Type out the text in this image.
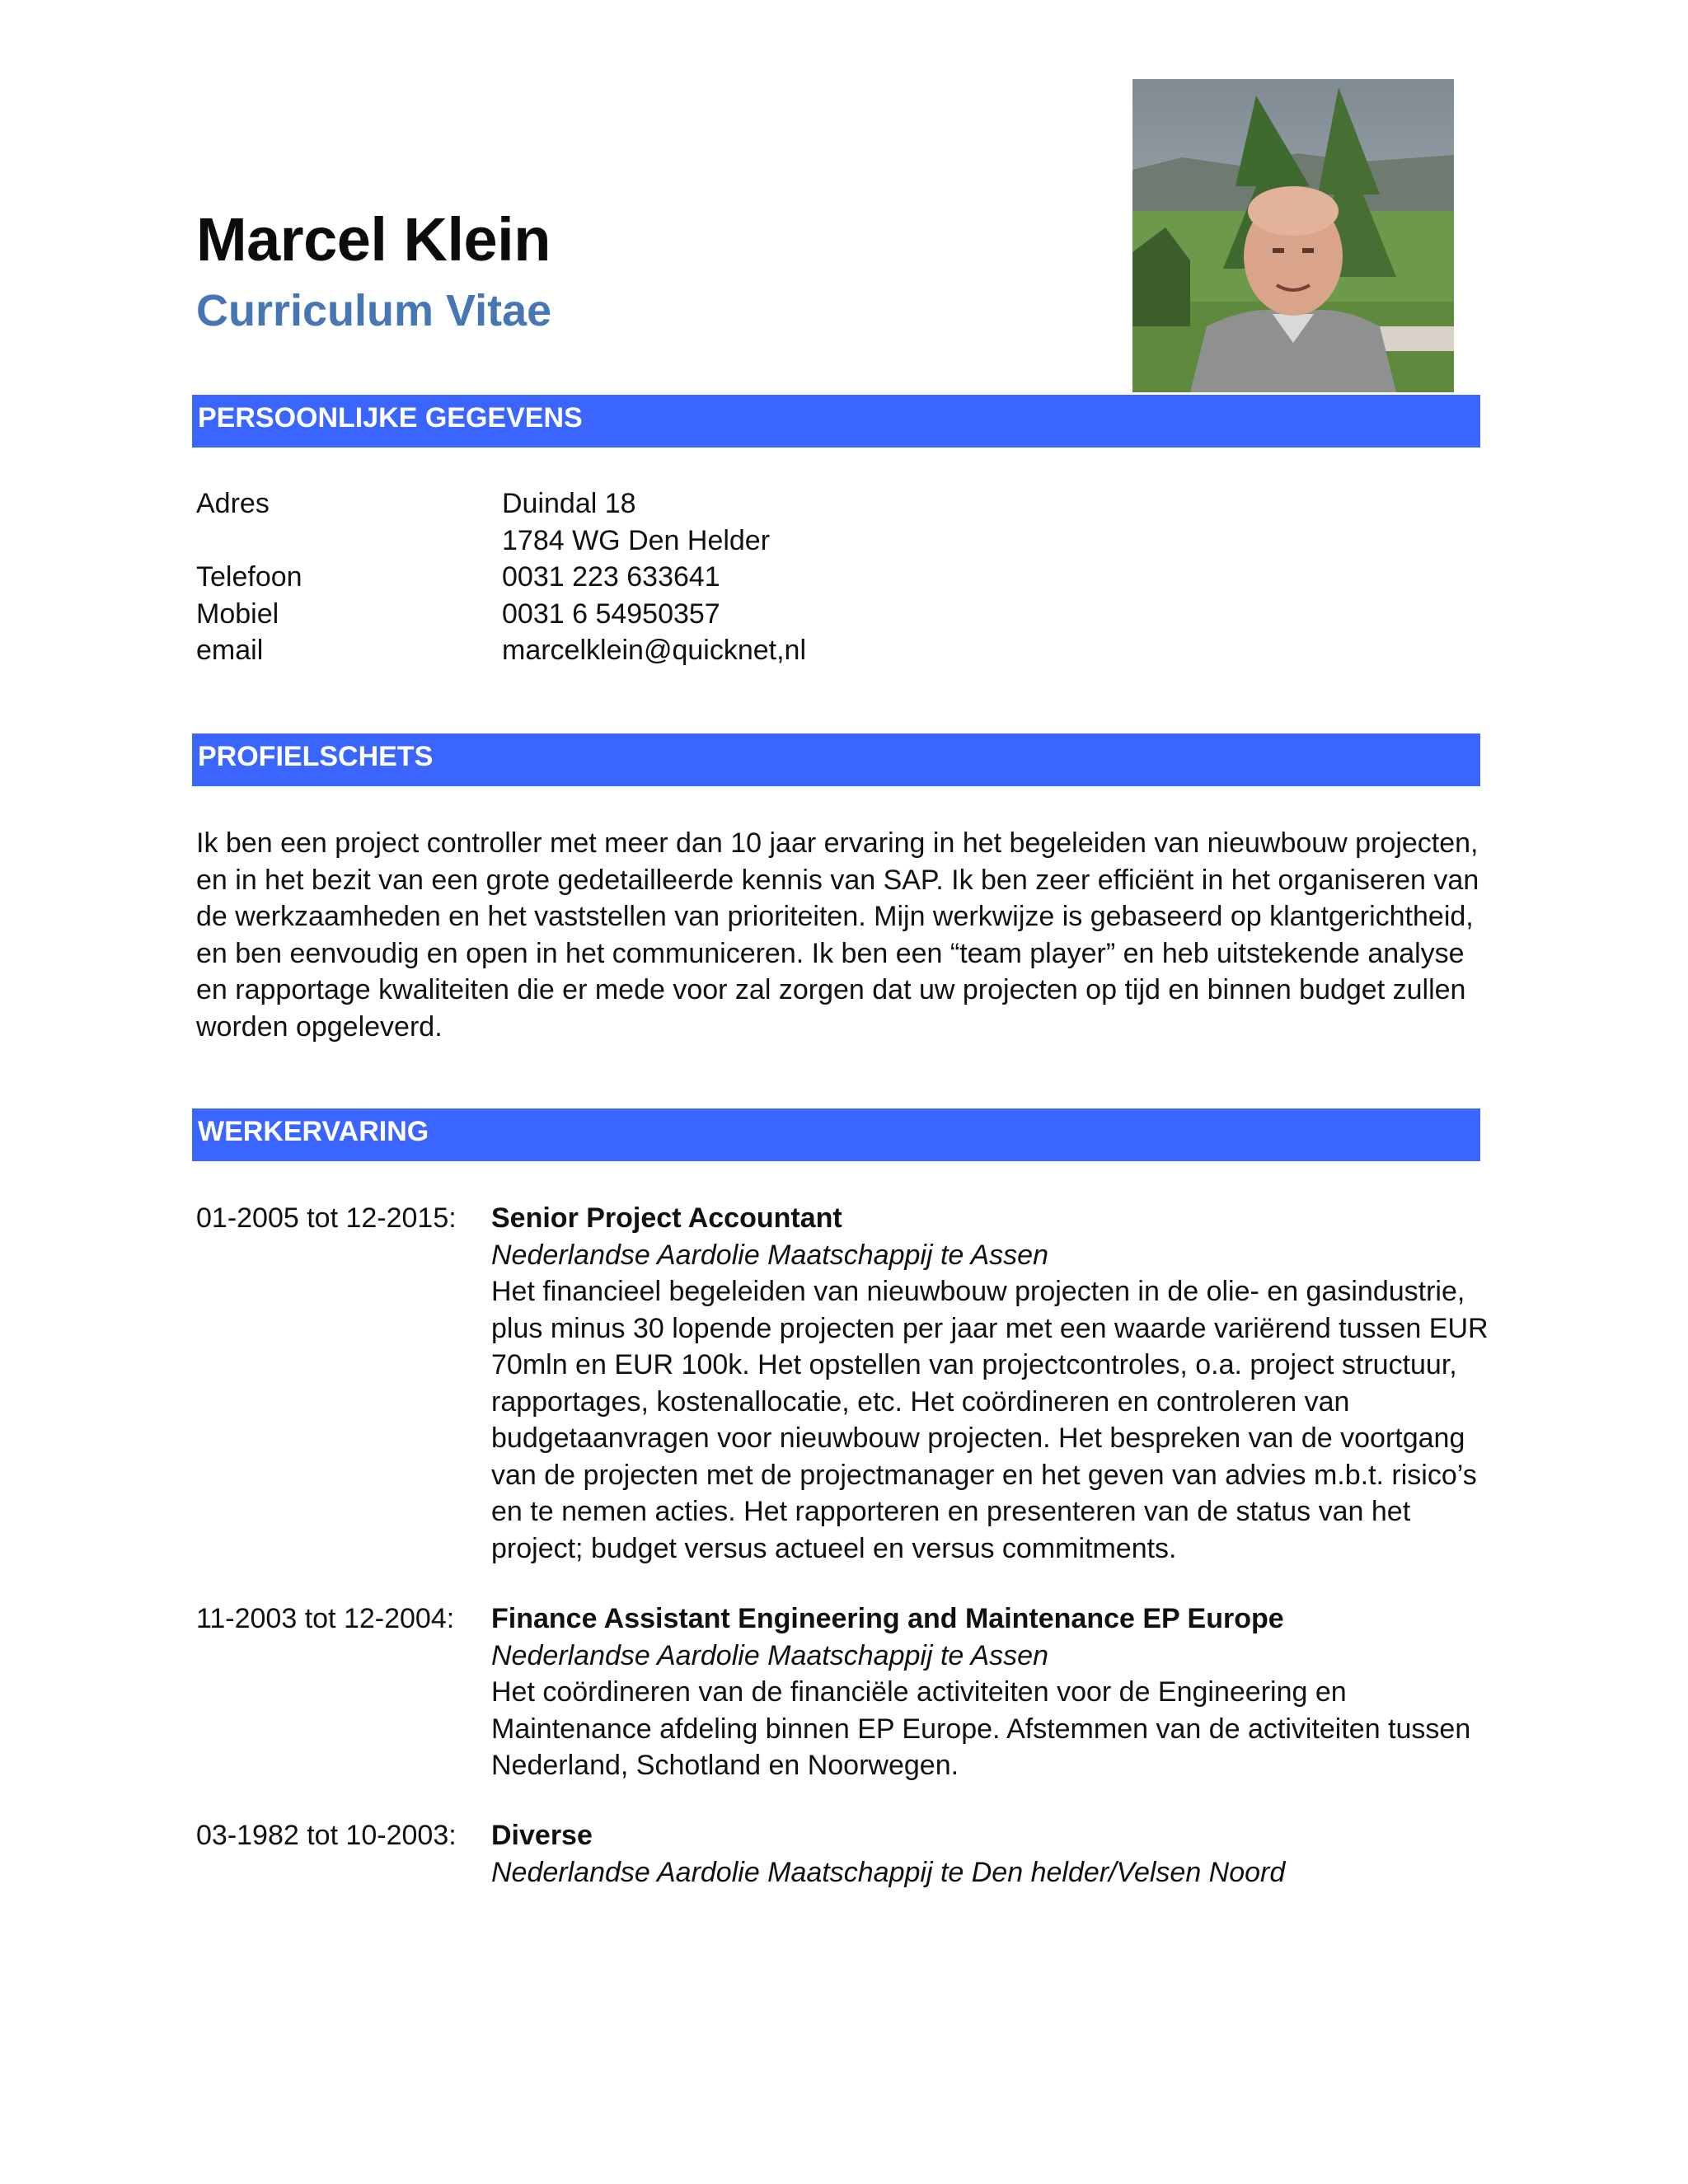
Marcel Klein
Curriculum Vitae
PERSOONLIJKE GEGEVENS
Adres	Duindal 18
1784 WG Den Helder
Telefoon	0031 223 633641
Mobiel	0031 6 54950357
email	marcelklein@quicknet,nl
PROFIELSCHETS

Ik ben een project controller met meer dan 10 jaar ervaring in het begeleiden van nieuwbouw projecten, en in het bezit van een grote gedetailleerde kennis van SAP. Ik ben zeer efficiënt in het organiseren van de werkzaamheden en het vaststellen van prioriteiten. Mijn werkwijze is gebaseerd op klantgerichtheid, en ben eenvoudig en open in het communiceren. Ik ben een “team player” en heb uitstekende analyse en rapportage kwaliteiten die er mede voor zal zorgen dat uw projecten op tijd en binnen budget zullen worden opgeleverd.

WERKERVARING
01-2005 tot 12-2015:	Senior Project Accountant
Nederlandse Aardolie Maatschappij te Assen

Het financieel begeleiden van nieuwbouw projecten in de olie- en gasindustrie, plus minus 30 lopende projecten per jaar met een waarde variërend tussen EUR 70mln en EUR 100k. Het opstellen van projectcontroles, o.a. project structuur, rapportages, kostenallocatie, etc. Het coördineren en controleren van budgetaanvragen voor nieuwbouw projecten. Het bespreken van de voortgang van de projecten met de projectmanager en het geven van advies m.b.t. risico’s en te nemen acties. Het rapporteren en presenteren van de status van het project; budget versus actueel en versus commitments.

11-2003 tot 12-2004:	Finance Assistant Engineering and Maintenance EP Europe
Nederlandse Aardolie Maatschappij te Assen

Het coördineren van de financiële activiteiten voor de Engineering en Maintenance afdeling binnen EP Europe. Afstemmen van de activiteiten tussen Nederland, Schotland en Noorwegen.

03-1982 tot 10-2003:	Diverse
Nederlandse Aardolie Maatschappij te Den helder/Velsen Noord
